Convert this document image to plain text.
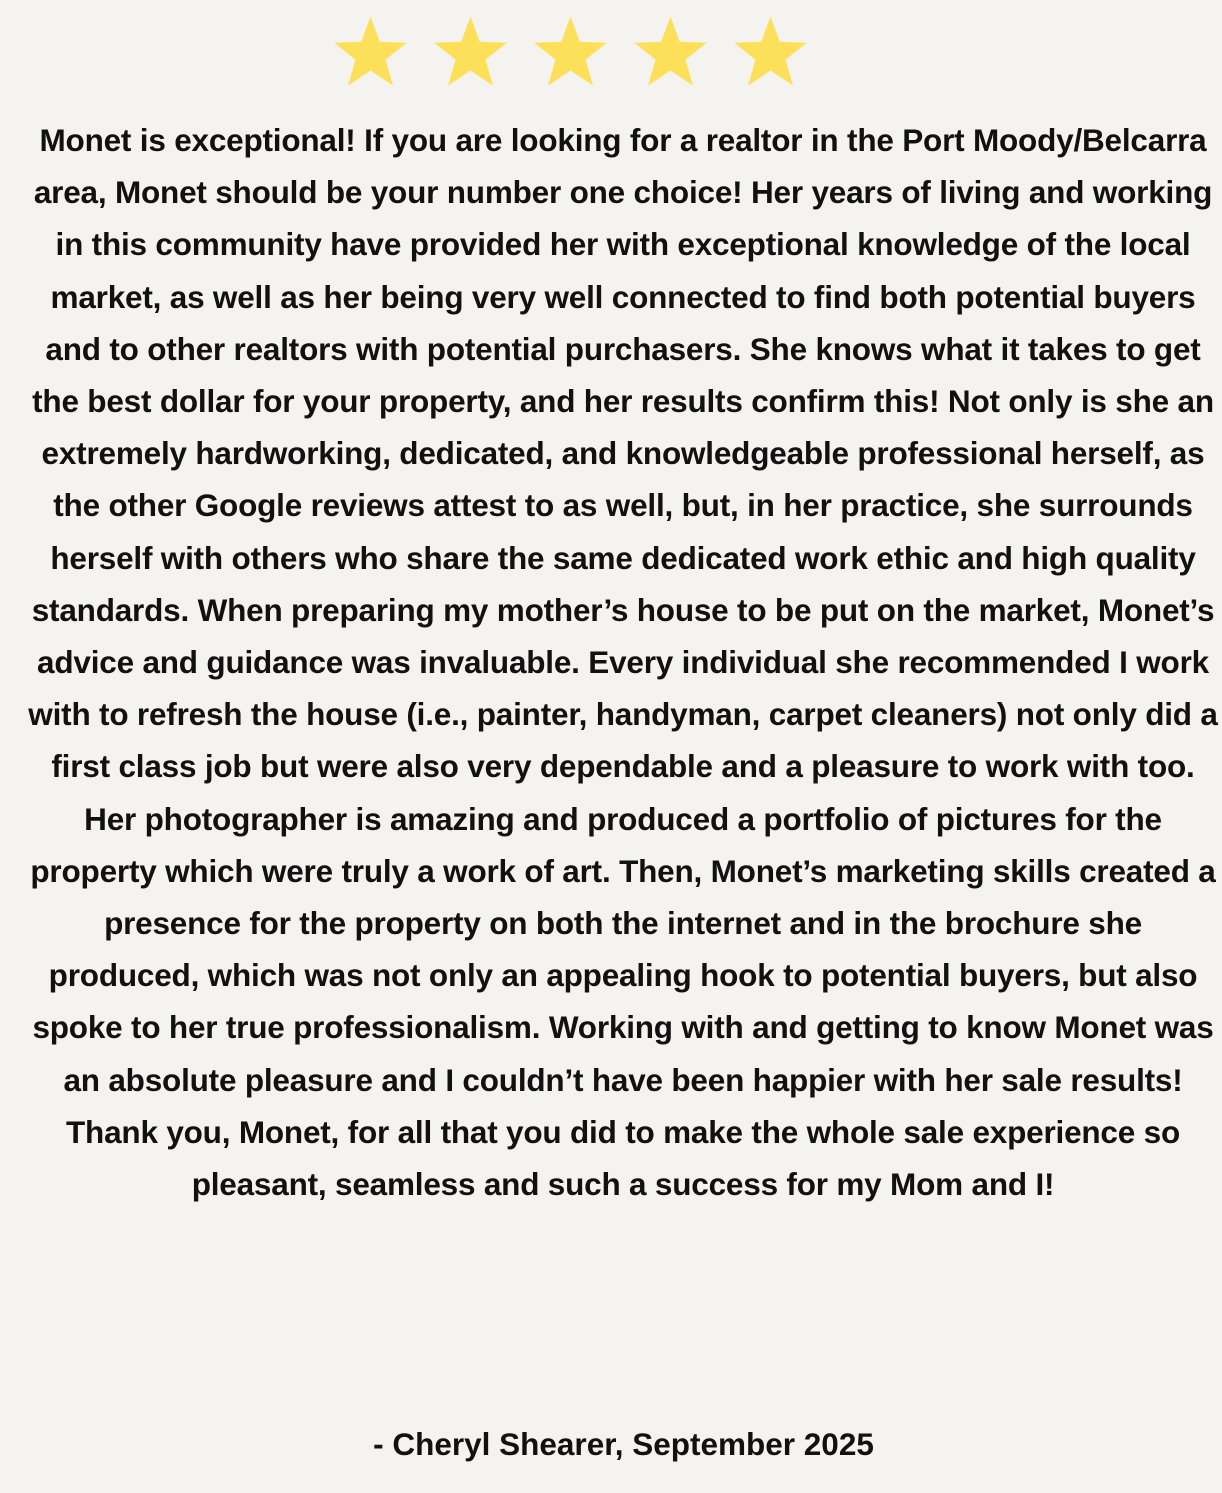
Monet is exceptional! If you are looking for a realtor in the Port Moody/Belcarra area, Monet should be your number one choice! Her years of living and working in this community have provided her with exceptional knowledge of the local market, as well as her being very well connected to find both potential buyers and to other realtors with potential purchasers. She knows what it takes to get the best dollar for your property, and her results confirm this! Not only is she an extremely hardworking, dedicated, and knowledgeable professional herself, as the other Google reviews attest to as well, but, in her practice, she surrounds herself with others who share the same dedicated work ethic and high quality standards. When preparing my mother’s house to be put on the market, Monet’s advice and guidance was invaluable. Every individual she recommended I work with to refresh the house (i.e., painter, handyman, carpet cleaners) not only did a first class job but were also very dependable and a pleasure to work with too. Her photographer is amazing and produced a portfolio of pictures for the property which were truly a work of art. Then, Monet’s marketing skills created a presence for the property on both the internet and in the brochure she produced, which was not only an appealing hook to potential buyers, but also spoke to her true professionalism. Working with and getting to know Monet was an absolute pleasure and I couldn’t have been happier with her sale results! Thank you, Monet, for all that you did to make the whole sale experience so pleasant, seamless and such a success for my Mom and I!

- Cheryl Shearer, September 2025
